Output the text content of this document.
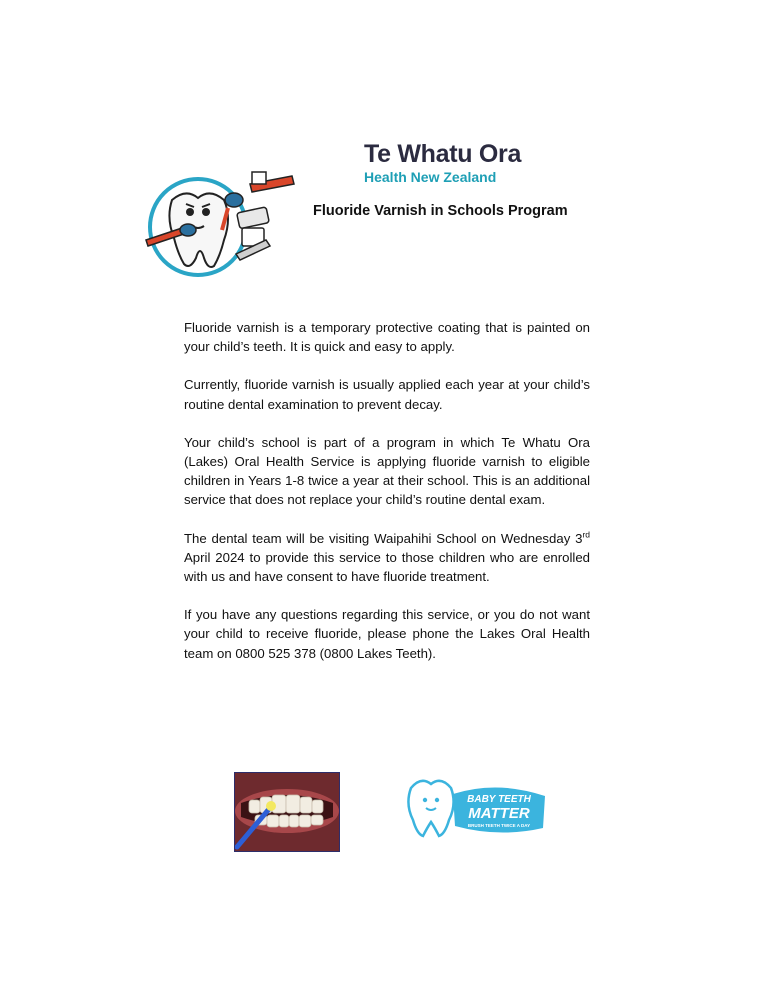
Te Whatu Ora
Health New Zealand
Fluoride Varnish in Schools Program

Fluoride varnish is a temporary protective coating that is painted on your child’s teeth. It is quick and easy to apply.

Currently, fluoride varnish is usually applied each year at your child’s routine dental examination to prevent decay.

Your child’s school is part of a program in which Te Whatu Ora (Lakes) Oral Health Service is applying fluoride varnish to eligible children in Years 1-8 twice a year at their school. This is an additional service that does not replace your child’s routine dental exam.

The dental team will be visiting Waipahihi School on Wednesday 3rd April 2024 to provide this service to those children who are enrolled with us and have consent to have fluoride treatment.

If you have any questions regarding this service, or you do not want your child to receive fluoride, please phone the Lakes Oral Health team on 0800 525 378 (0800 Lakes Teeth).

BABY TEETH
MATTER
BRUSH TEETH TWICE A DAY
